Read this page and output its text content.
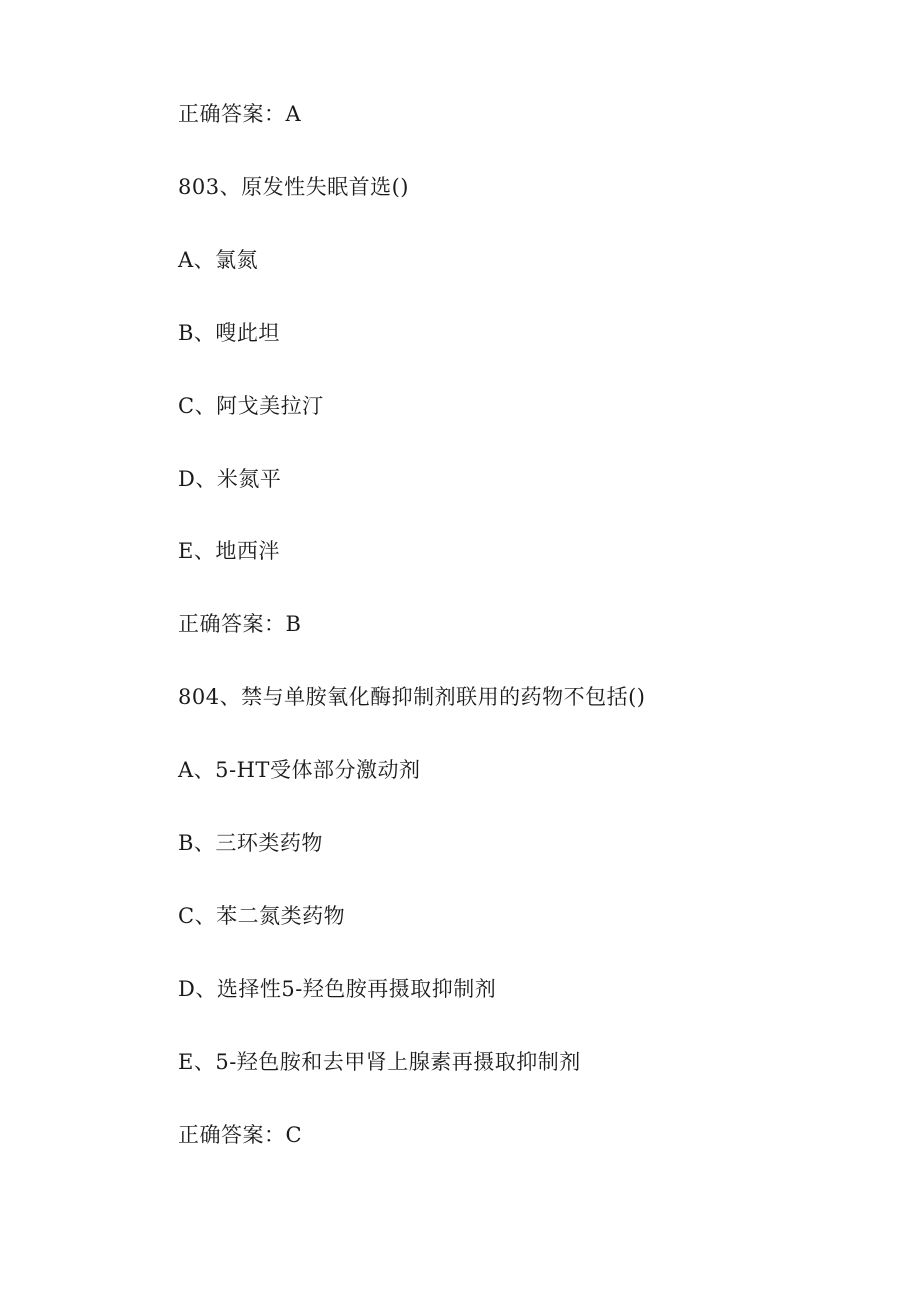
正确答案：A
803、原发性失眠首选()
A、氯氮
B、嗖此坦
C、阿戈美拉汀
D、米氮平
E、地西泮
正确答案：B
804、禁与单胺氧化酶抑制剂联用的药物不包括()
A、5-HT受体部分激动剂
B、三环类药物
C、苯二氮类药物
D、选择性5-羟色胺再摄取抑制剂
E、5-羟色胺和去甲肾上腺素再摄取抑制剂
正确答案：C
